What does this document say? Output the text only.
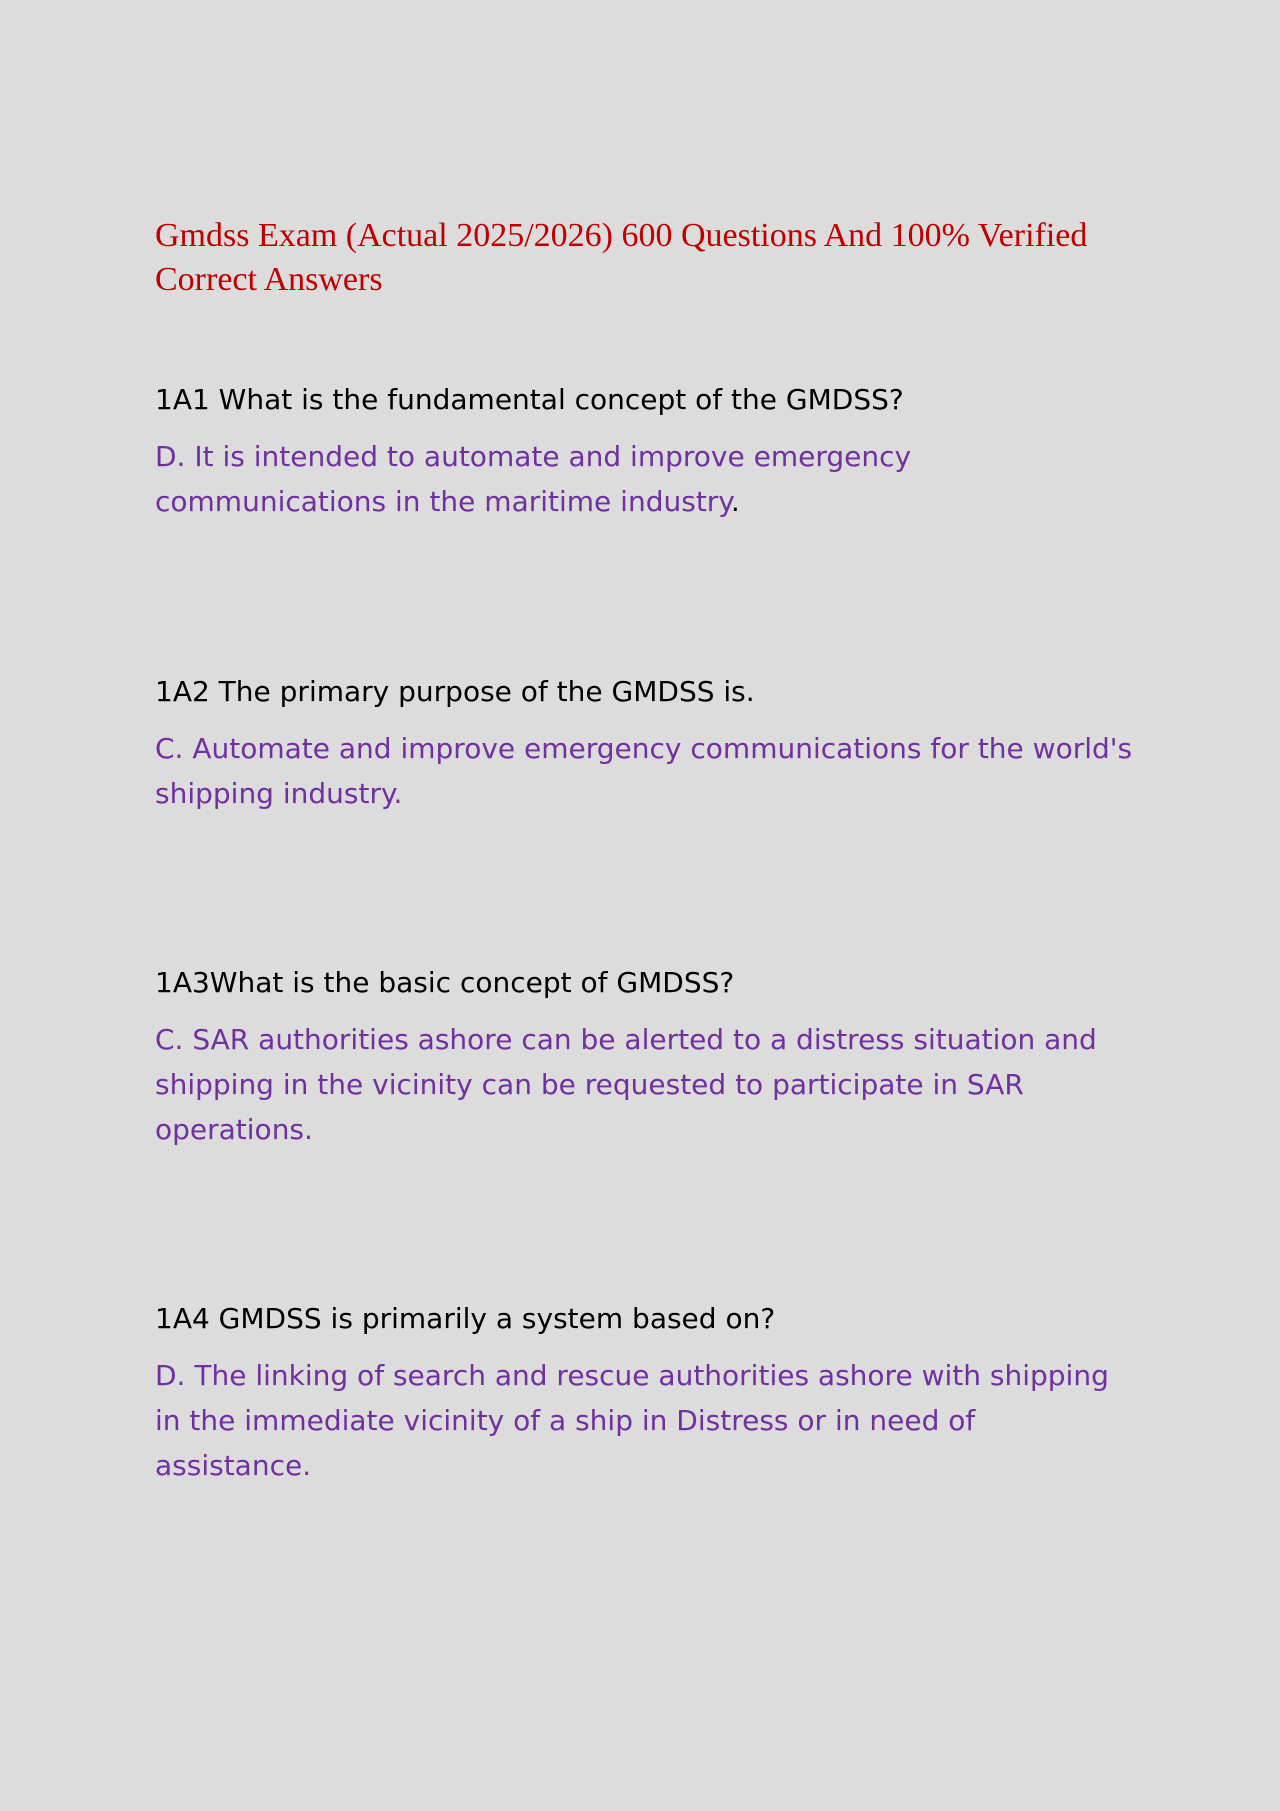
Gmdss Exam (Actual 2025/2026) 600 Questions And 100% Verified Correct Answers

1A1 What is the fundamental concept of the GMDSS?

D. It is intended to automate and improve emergency communications in the maritime industry.

1A2 The primary purpose of the GMDSS is.

C. Automate and improve emergency communications for the world's shipping industry.

1A3What is the basic concept of GMDSS?

C. SAR authorities ashore can be alerted to a distress situation and shipping in the vicinity can be requested to participate in SAR operations.

1A4 GMDSS is primarily a system based on?

D. The linking of search and rescue authorities ashore with shipping in the immediate vicinity of a ship in Distress or in need of assistance.
